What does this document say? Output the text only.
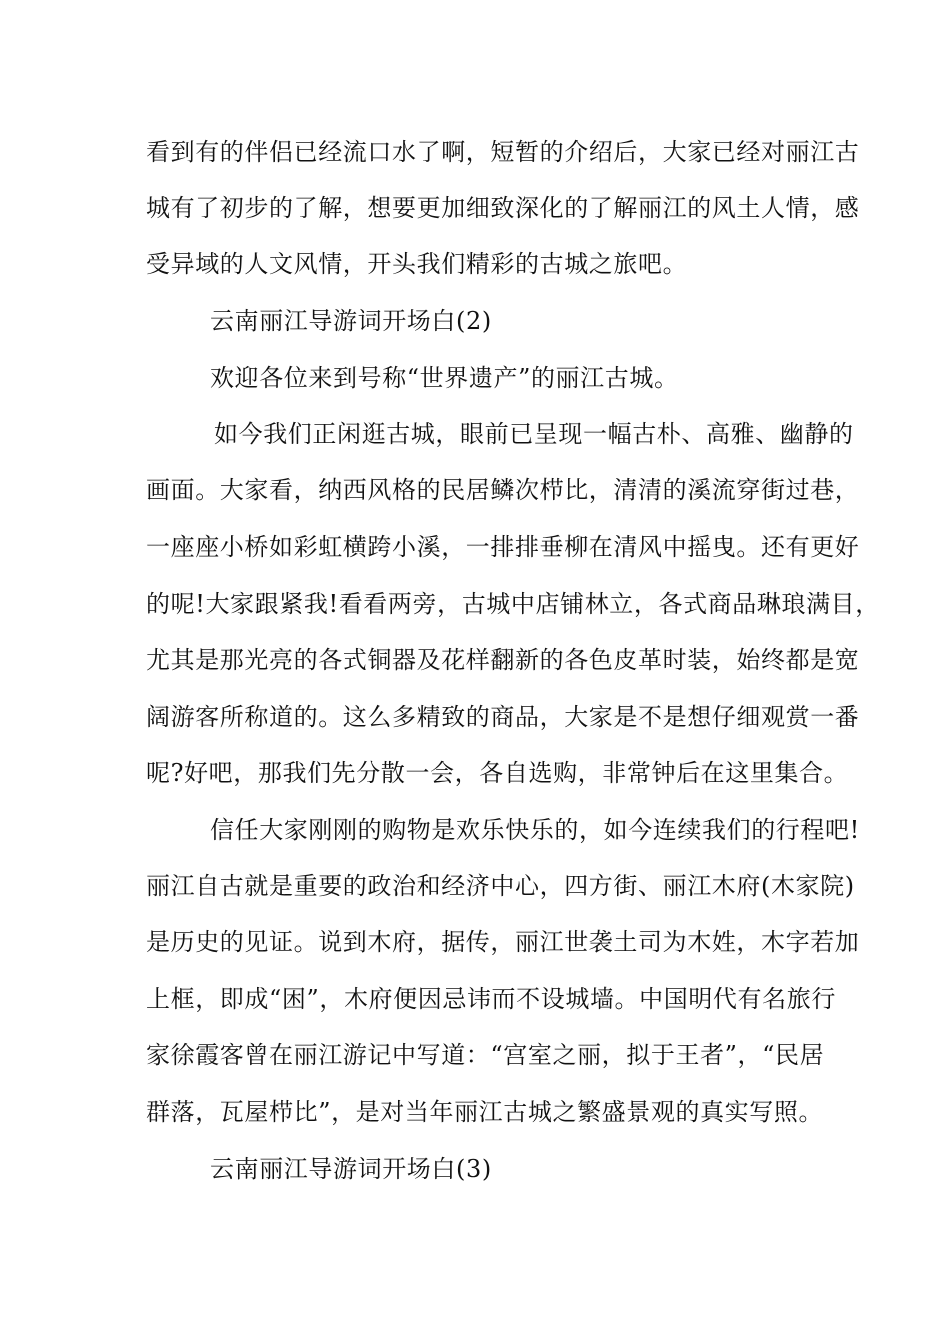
看到有的伴侣已经流口水了啊，短暂的介绍后，大家已经对丽江古
城有了初步的了解，想要更加细致深化的了解丽江的风土人情，感
受异域的人文风情，开头我们精彩的古城之旅吧。
云南丽江导游词开场白(2)
欢迎各位来到号称“世界遗产”的丽江古城。
如今我们正闲逛古城，眼前已呈现一幅古朴、高雅、幽静的
画面。大家看，纳西风格的民居鳞次栉比，清清的溪流穿街过巷，
一座座小桥如彩虹横跨小溪，一排排垂柳在清风中摇曳。还有更好
的呢!大家跟紧我!看看两旁，古城中店铺林立，各式商品琳琅满目，
尤其是那光亮的各式铜器及花样翻新的各色皮革时装，始终都是宽
阔游客所称道的。这么多精致的商品，大家是不是想仔细观赏一番
呢?好吧，那我们先分散一会，各自选购，非常钟后在这里集合。
信任大家刚刚的购物是欢乐快乐的，如今连续我们的行程吧!
丽江自古就是重要的政治和经济中心，四方街、丽江木府(木家院)
是历史的见证。说到木府，据传，丽江世袭土司为木姓，木字若加
上框，即成“困”，木府便因忌讳而不设城墙。中国明代有名旅行
家徐霞客曾在丽江游记中写道：“宫室之丽，拟于王者”，“民居
群落，瓦屋栉比”，是对当年丽江古城之繁盛景观的真实写照。
云南丽江导游词开场白(3)
